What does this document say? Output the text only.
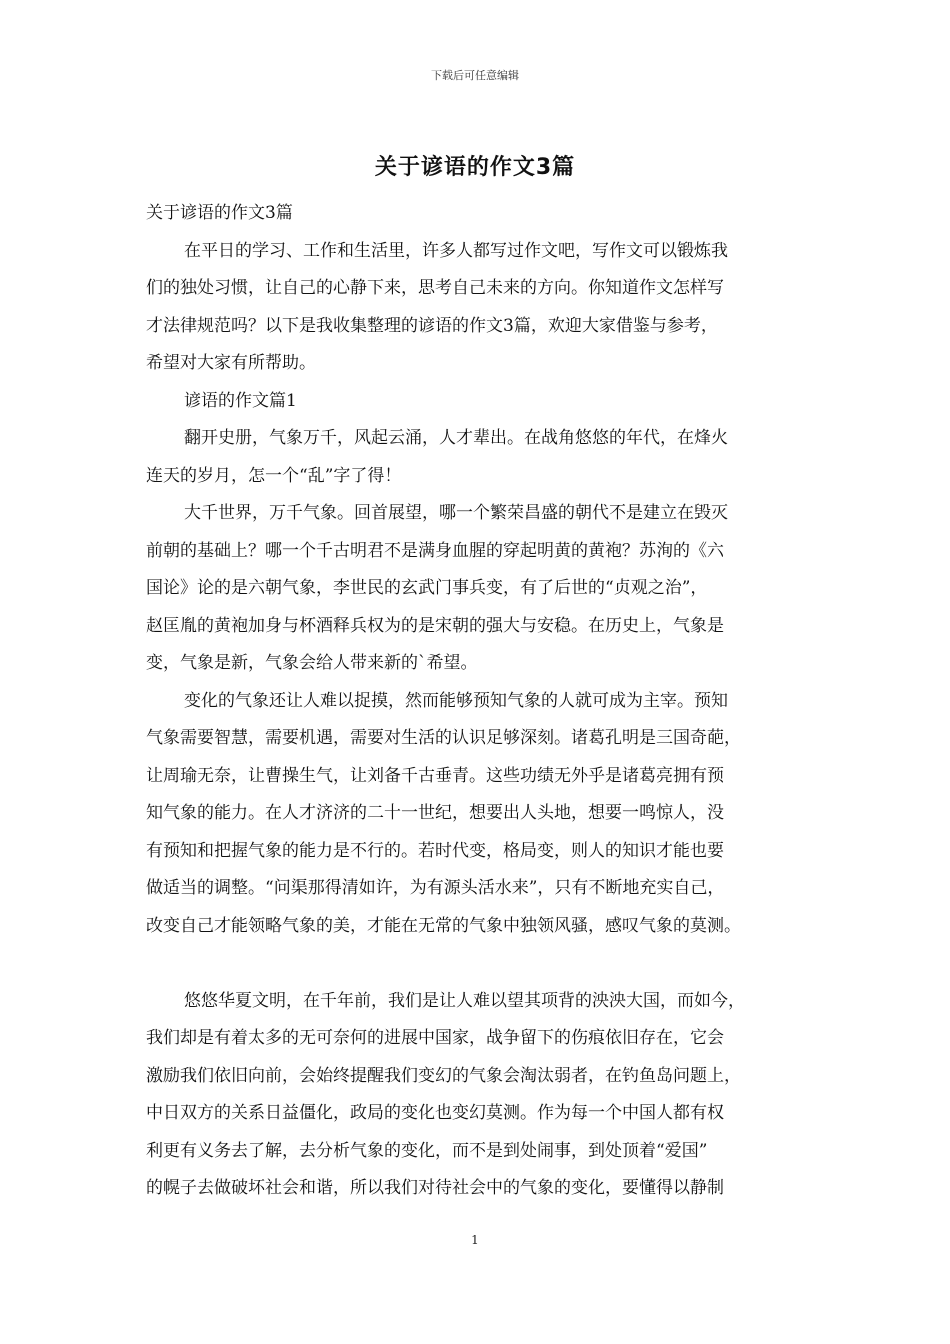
下载后可任意编辑
关于谚语的作文3篇
关于谚语的作文3篇
在平日的学习、工作和生活里，许多人都写过作文吧，写作文可以锻炼我
们的独处习惯，让自己的心静下来，思考自己未来的方向。你知道作文怎样写
才法律规范吗？以下是我收集整理的谚语的作文3篇，欢迎大家借鉴与参考，
希望对大家有所帮助。
谚语的作文篇1
翻开史册，气象万千，风起云涌，人才辈出。在战角悠悠的年代，在烽火
连天的岁月，怎一个“乱”字了得！
大千世界，万千气象。回首展望，哪一个繁荣昌盛的朝代不是建立在毁灭
前朝的基础上？哪一个千古明君不是满身血腥的穿起明黄的黄袍？苏洵的《六
国论》论的是六朝气象，李世民的玄武门事兵变，有了后世的“贞观之治”，
赵匡胤的黄袍加身与杯酒释兵权为的是宋朝的强大与安稳。在历史上，气象是
变，气象是新，气象会给人带来新的`希望。
变化的气象还让人难以捉摸，然而能够预知气象的人就可成为主宰。预知
气象需要智慧，需要机遇，需要对生活的认识足够深刻。诸葛孔明是三国奇葩，
让周瑜无奈，让曹操生气，让刘备千古垂青。这些功绩无外乎是诸葛亮拥有预
知气象的能力。在人才济济的二十一世纪，想要出人头地，想要一鸣惊人，没
有预知和把握气象的能力是不行的。若时代变，格局变，则人的知识才能也要
做适当的调整。“问渠那得清如许，为有源头活水来”，只有不断地充实自己，
改变自己才能领略气象的美，才能在无常的气象中独领风骚，感叹气象的莫测。
悠悠华夏文明，在千年前，我们是让人难以望其项背的泱泱大国，而如今，
我们却是有着太多的无可奈何的进展中国家，战争留下的伤痕依旧存在，它会
激励我们依旧向前，会始终提醒我们变幻的气象会淘汰弱者，在钓鱼岛问题上，
中日双方的关系日益僵化，政局的变化也变幻莫测。作为每一个中国人都有权
利更有义务去了解，去分析气象的变化，而不是到处闹事，到处顶着“爱国”
的幌子去做破坏社会和谐，所以我们对待社会中的气象的变化，要懂得以静制
1
